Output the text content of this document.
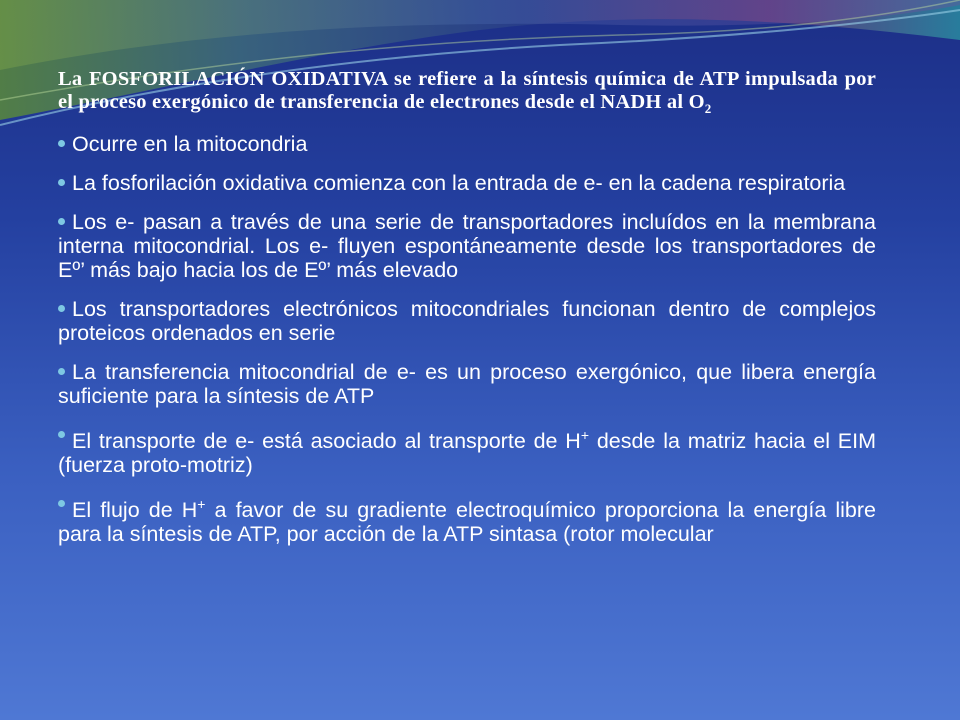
La FOSFORILACIÓN OXIDATIVA se refiere a la síntesis química de ATP impulsada por el proceso exergónico de transferencia de electrones desde el NADH al $O_2$

Ocurre en la mitocondria
La fosforilación oxidativa comienza con la entrada de e- en la cadena respiratoria
Los e- pasan a través de una serie de transportadores incluídos en la membrana interna mitocondrial. Los e- fluyen espontáneamente desde los transportadores de Eº’ más bajo hacia los de Eº’ más elevado
Los transportadores electrónicos mitocondriales funcionan dentro de complejos proteicos ordenados en serie
La transferencia mitocondrial de e- es un proceso exergónico, que libera energía suficiente para la síntesis de ATP
El transporte de e- está asociado al transporte de H+ desde la matriz hacia el EIM (fuerza proto-motriz)
El flujo de H+ a favor de su gradiente electroquímico proporciona la energía libre para la síntesis de ATP, por acción de la ATP sintasa (rotor molecular
